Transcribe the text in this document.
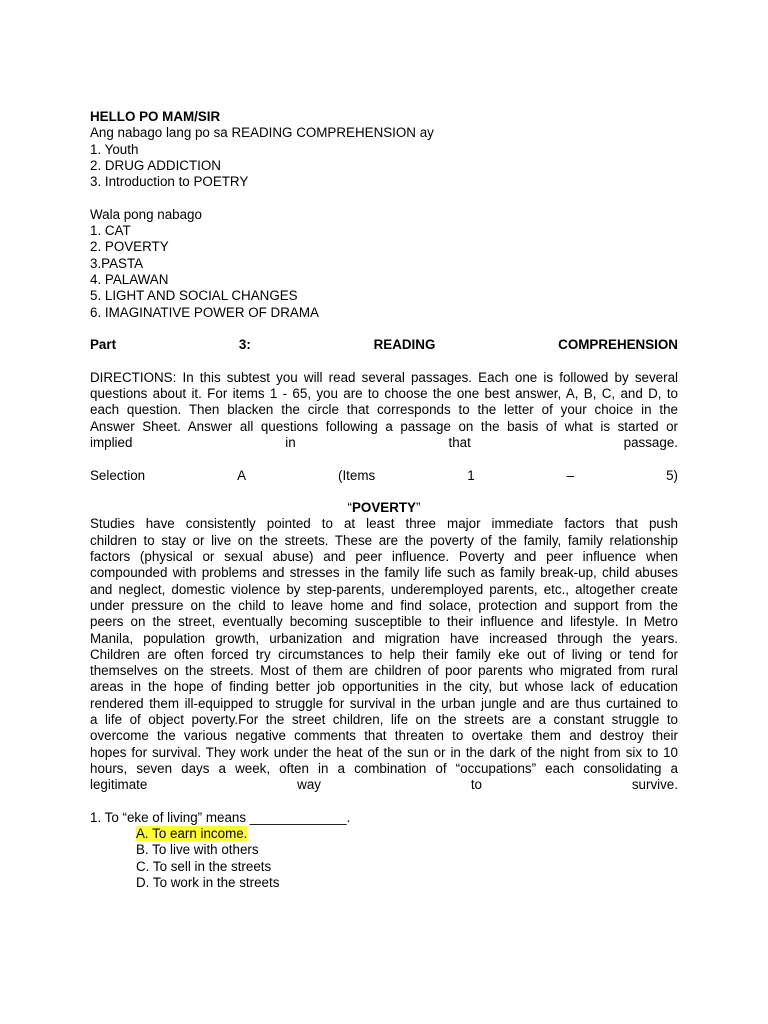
HELLO PO MAM/SIR
Ang nabago lang po sa READING COMPREHENSION ay
1. Youth
2. DRUG ADDICTION
3. Introduction to POETRY
Wala pong nabago
1. CAT
2. POVERTY
3.PASTA
4. PALAWAN
5. LIGHT AND SOCIAL CHANGES
6. IMAGINATIVE POWER OF DRAMA
Part	3:	READING	COMPREHENSION
DIRECTIONS: In this subtest you will read several passages. Each one is followed by several
questions about it. For items 1 - 65, you are to choose the one best answer, A, B, C, and D, to
each question. Then blacken the circle that corresponds to the letter of your choice in the
Answer Sheet. Answer all questions following a passage on the basis of what is started or
implied	in	that	passage.
Selection	A	(Items	1	–	5)
“POVERTY”
Studies have consistently pointed to at least three major immediate factors that push
children to stay or live on the streets. These are the poverty of the family, family relationship
factors (physical or sexual abuse) and peer influence. Poverty and peer influence when
compounded with problems and stresses in the family life such as family break-up, child abuses
and neglect, domestic violence by step-parents, underemployed parents, etc., altogether create
under pressure on the child to leave home and find solace, protection and support from the
peers on the street, eventually becoming susceptible to their influence and lifestyle. In Metro
Manila, population growth, urbanization and migration have increased through the years.
Children are often forced try circumstances to help their family eke out of living or tend for
themselves on the streets. Most of them are children of poor parents who migrated from rural
areas in the hope of finding better job opportunities in the city, but whose lack of education
rendered them ill-equipped to struggle for survival in the urban jungle and are thus curtained to
a life of object poverty.For the street children, life on the streets are a constant struggle to
overcome the various negative comments that threaten to overtake them and destroy their
hopes for survival. They work under the heat of the sun or in the dark of the night from six to 10
hours, seven days a week, often in a combination of “occupations” each consolidating a
legitimate	way	to	survive.
1. To “eke of living” means _____________.
A. To earn income.
B. To live with others
C. To sell in the streets
D. To work in the streets
